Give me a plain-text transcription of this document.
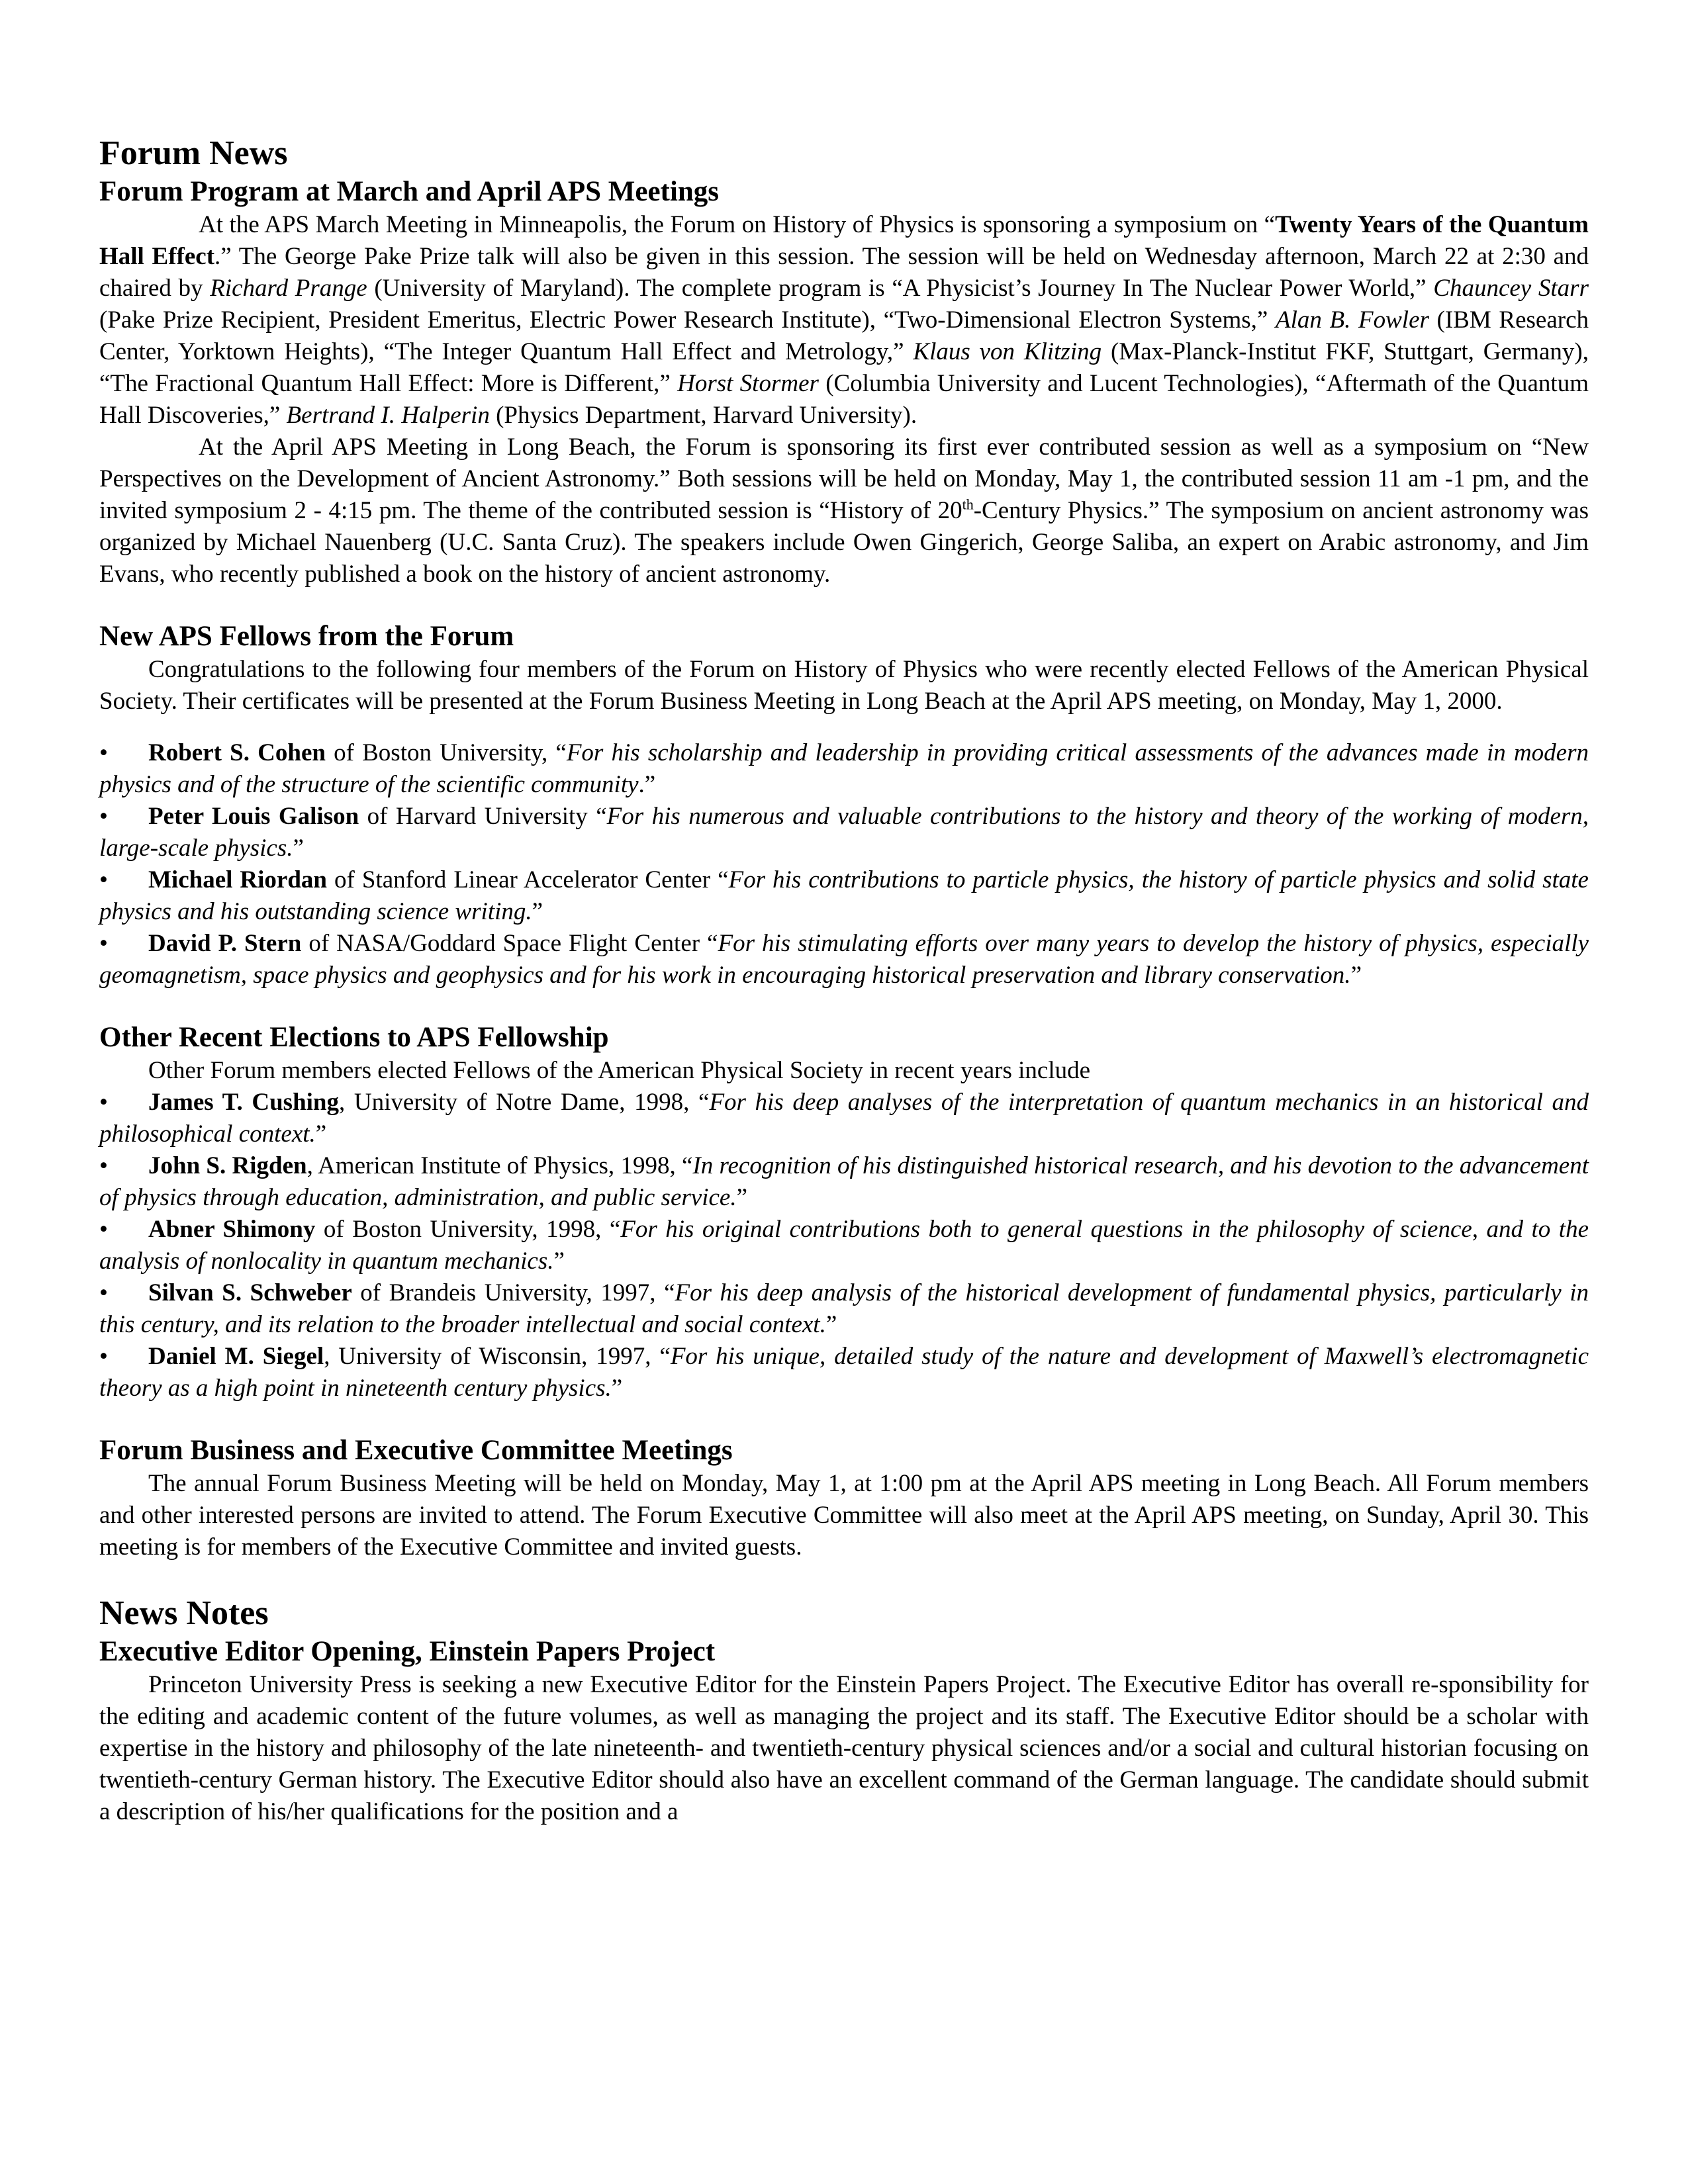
Forum News
Forum Program at March and April APS Meetings

At the APS March Meeting in Minneapolis, the Forum on History of Physics is sponsoring a symposium on “Twenty Years of the Quantum Hall Effect.” The George Pake Prize talk will also be given in this session. The session will be held on Wednesday afternoon, March 22 at 2:30 and chaired by Richard Prange (University of Maryland). The complete program is “A Physicist’s Journey In The Nuclear Power World,” Chauncey Starr (Pake Prize Recipient, President Emeritus, Electric Power Research Institute), “Two-Dimensional Electron Systems,” Alan B. Fowler (IBM Research Center, Yorktown Heights), “The Integer Quantum Hall Effect and Metrology,” Klaus von Klitzing (Max-Planck-Institut FKF, Stuttgart, Germany), “The Fractional Quantum Hall Effect: More is Different,” Horst Stormer (Columbia University and Lucent Technologies), “Aftermath of the Quantum Hall Discoveries,” Bertrand I. Halperin (Physics Department, Harvard University).

At the April APS Meeting in Long Beach, the Forum is sponsoring its first ever contributed session as well as a symposium on “New Perspectives on the Development of Ancient Astronomy.” Both sessions will be held on Monday, May 1, the contributed session 11 am -1 pm, and the invited symposium 2 - 4:15 pm. The theme of the contributed session is “History of 20th-Century Physics.” The symposium on ancient astronomy was organized by Michael Nauenberg (U.C. Santa Cruz). The speakers include Owen Gingerich, George Saliba, an expert on Arabic astronomy, and Jim Evans, who recently published a book on the history of ancient astronomy.

New APS Fellows from the Forum

Congratulations to the following four members of the Forum on History of Physics who were recently elected Fellows of the American Physical Society. Their certificates will be presented at the Forum Business Meeting in Long Beach at the April APS meeting, on Monday, May 1, 2000.

• Robert S. Cohen of Boston University, “For his scholarship and leadership in providing critical assessments of the advances made in modern physics and of the structure of the scientific community.”

• Peter Louis Galison of Harvard University “For his numerous and valuable contributions to the history and theory of the working of modern, large-scale physics.”

• Michael Riordan of Stanford Linear Accelerator Center “For his contributions to particle physics, the history of particle physics and solid state physics and his outstanding science writing.”

• David P. Stern of NASA/Goddard Space Flight Center “For his stimulating efforts over many years to develop the history of physics, especially geomagnetism, space physics and geophysics and for his work in encouraging historical preservation and library conservation.”

Other Recent Elections to APS Fellowship

Other Forum members elected Fellows of the American Physical Society in recent years include

• James T. Cushing, University of Notre Dame, 1998, “For his deep analyses of the interpretation of quantum mechanics in an historical and philosophical context.”

• John S. Rigden, American Institute of Physics, 1998, “In recognition of his distinguished historical research, and his devotion to the advancement of physics through education, administration, and public service.”

• Abner Shimony of Boston University, 1998, “For his original contributions both to general questions in the philosophy of science, and to the analysis of nonlocality in quantum mechanics.”

• Silvan S. Schweber of Brandeis University, 1997, “For his deep analysis of the historical development of fundamental physics, particularly in this century, and its relation to the broader intellectual and social context.”

• Daniel M. Siegel, University of Wisconsin, 1997, “For his unique, detailed study of the nature and development of Maxwell’s electromagnetic theory as a high point in nineteenth century physics.”

Forum Business and Executive Committee Meetings

The annual Forum Business Meeting will be held on Monday, May 1, at 1:00 pm at the April APS meeting in Long Beach. All Forum members and other interested persons are invited to attend. The Forum Executive Committee will also meet at the April APS meeting, on Sunday, April 30. This meeting is for members of the Executive Committee and invited guests.

News Notes
Executive Editor Opening, Einstein Papers Project

Princeton University Press is seeking a new Executive Editor for the Einstein Papers Project. The Executive Editor has overall re-sponsibility for the editing and academic content of the future volumes, as well as managing the project and its staff. The Executive Editor should be a scholar with expertise in the history and philosophy of the late nineteenth- and twentieth-century physical sciences and/or a social and cultural historian focusing on twentieth-century German history. The Executive Editor should also have an excellent command of the German language. The candidate should submit a description of his/her qualifications for the position and a
